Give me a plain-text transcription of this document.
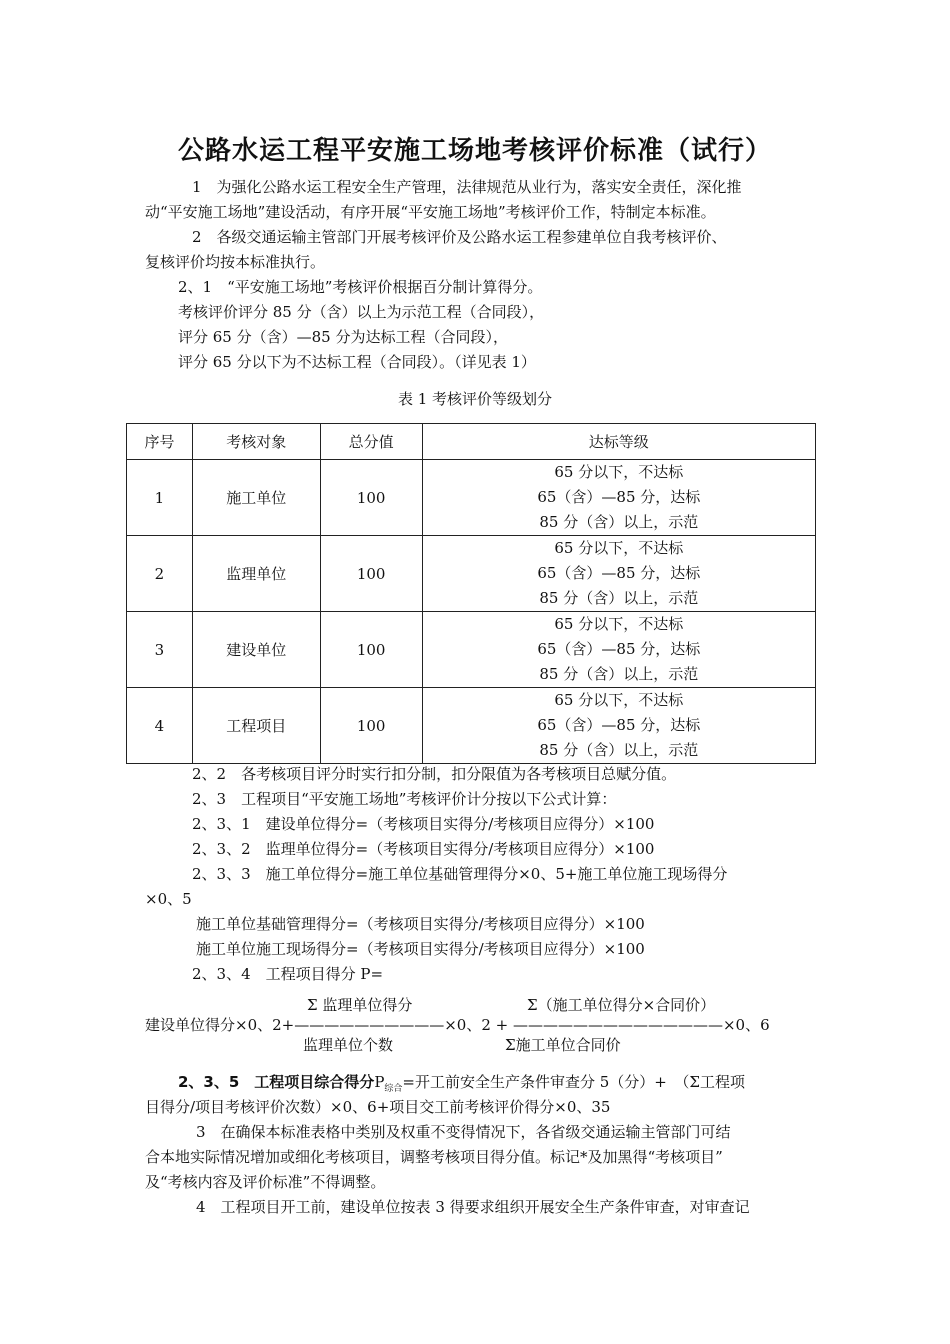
公路水运工程平安施工场地考核评价标准（试行）
1　为强化公路水运工程安全生产管理，法律规范从业行为，落实安全责任，深化推
动“平安施工场地”建设活动，有序开展“平安施工场地”考核评价工作，特制定本标准。
2　各级交通运输主管部门开展考核评价及公路水运工程参建单位自我考核评价、
复核评价均按本标准执行。
2、1　“平安施工场地”考核评价根据百分制计算得分。
考核评价评分 85 分（含）以上为示范工程（合同段），
评分 65 分（含）—85 分为达标工程（合同段），
评分 65 分以下为不达标工程（合同段）。（详见表 1）
表 1 考核评价等级划分
序号	考核对象	总分值	达标等级
1	施工单位	100	65 分以下，不达标
65（含）—85 分，达标
85 分（含）以上，示范

2	监理单位	100	65 分以下，不达标
65（含）—85 分，达标
85 分（含）以上，示范

3	建设单位	100	65 分以下，不达标
65（含）—85 分，达标
85 分（含）以上，示范

4	工程项目	100	65 分以下，不达标
65（含）—85 分，达标
85 分（含）以上，示范
2、2　各考核项目评分时实行扣分制，扣分限值为各考核项目总赋分值。
2、3　工程项目“平安施工场地”考核评价计分按以下公式计算：
2、3、1　建设单位得分=（考核项目实得分/考核项目应得分）×100
2、3、2　监理单位得分=（考核项目实得分/考核项目应得分）×100
2、3、3　施工单位得分=施工单位基础管理得分×0、5+施工单位施工现场得分
×0、5
施工单位基础管理得分=（考核项目实得分/考核项目应得分）×100
施工单位施工现场得分=（考核项目实得分/考核项目应得分）×100
2、3、4　工程项目得分 P=
Σ 监理单位得分	Σ（施工单位得分×合同价）
建设单位得分×0、2+——————————×0、2 + ——————————————×0、6
监理单位个数	Σ施工单位合同价
2、3、5　工程项目综合得分$P_{综合}=$开工前安全生产条件审查分 5（分）+　（Σ工程项
目得分/项目考核评价次数）×0、6+项目交工前考核评价得分×0、35
3　在确保本标准表格中类别及权重不变得情况下，各省级交通运输主管部门可结
合本地实际情况增加或细化考核项目，调整考核项目得分值。标记*及加黑得“考核项目”
及“考核内容及评价标准”不得调整。
4　工程项目开工前，建设单位按表 3 得要求组织开展安全生产条件审查，对审查记
